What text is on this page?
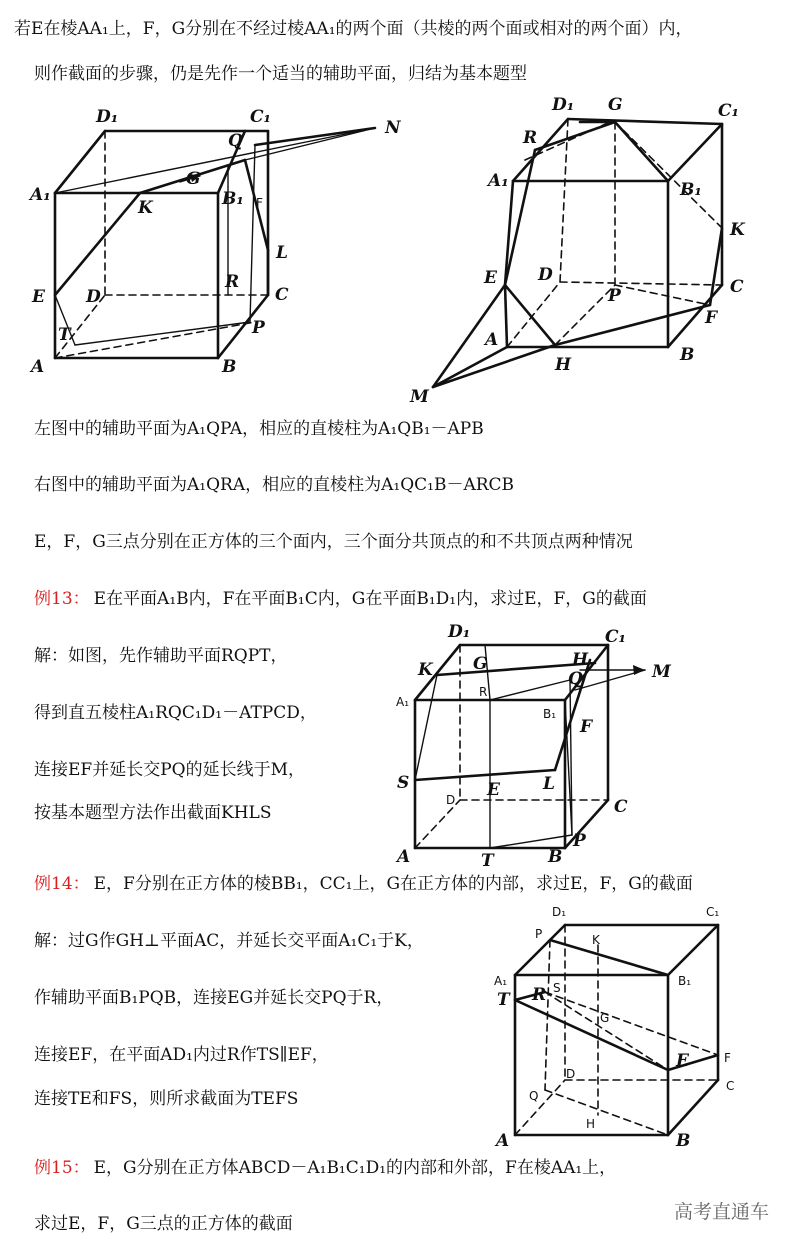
若E在棱AA₁上，F，G分别在不经过棱AA₁的两个面（共棱的两个面或相对的两个面）内，
则作截面的步骤，仍是先作一个适当的辅助平面，归结为基本题型
D₁	C₁
N
Q
A₁
G
B₁ F
K
L
E D
R
C
T	P
A	B
D₁ G	C₁
R
A₁	B₁
K
E D
P	C
F
A
H	B
M
左图中的辅助平面为A₁QPA，相应的直棱柱为A₁QB₁－APB
右图中的辅助平面为A₁QRA，相应的直棱柱为A₁QC₁B－ARCB
E，F，G三点分别在正方体的三个面内，三个面分共顶点的和不共顶点两种情况
例13： E在平面A₁B内，F在平面B₁C内，G在平面B₁D₁内，求过E，F，G的截面
解：如图，先作辅助平面RQPT，
得到直五棱柱A₁RQC₁D₁－ATPCD，
连接EF并延长交PQ的延长线于M，
按基本题型方法作出截面KHLS
D₁	C₁
K G	H
M
R
Q
A₁
B₁
F
S	E	L
D	C
A	T	B
P
例14： E，F分别在正方体的棱BB₁，CC₁上，G在正方体的内部，求过E，F，G的截面
解：过G作GH⊥平面AC，并延长交平面A₁C₁于K，
作辅助平面B₁PQB，连接EG并延长交PQ于R，
连接EF，在平面AD₁内过R作TS∥EF，
连接TE和FS，则所求截面为TEFS
D₁	C₁
P	K
A₁	B₁
T R S
G
E	F
D
C
Q
H
A	B
例15： E，G分别在正方体ABCD－A₁B₁C₁D₁的内部和外部，F在棱AA₁上，
求过E，F，G三点的正方体的截面
高考直通车
